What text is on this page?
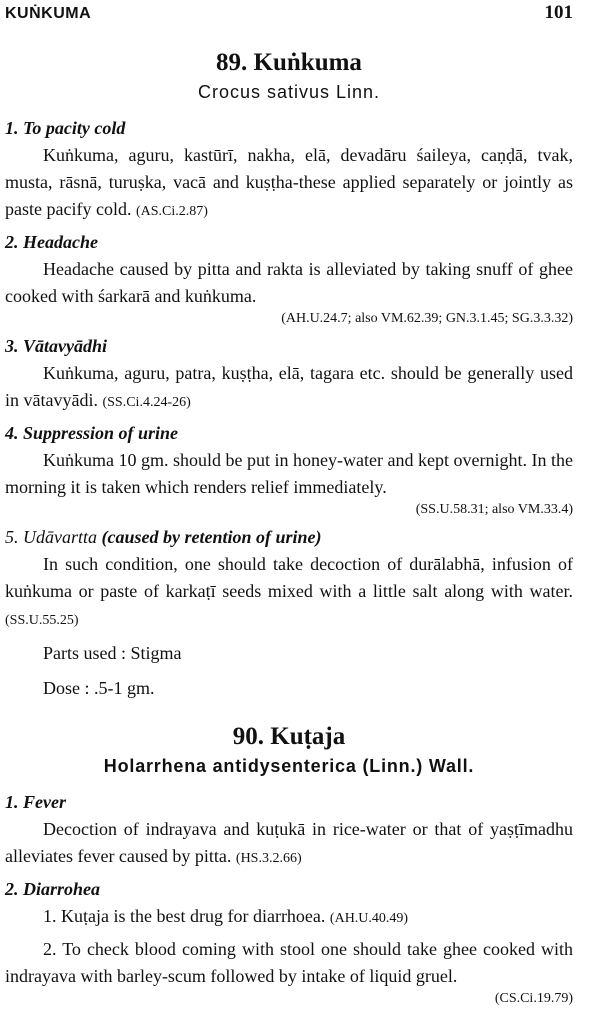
KUṄKUMA	101
89. Kuṅkuma
Crocus sativus Linn.
1. To pacity cold

Kuṅkuma, aguru, kastūrī, nakha, elā, devadāru śaileya, caṇḍā, tvak, musta, rāsnā, turuṣka, vacā and kuṣṭha-these applied separately or jointly as paste pacify cold. (AS.Ci.2.87)

2. Headache

Headache caused by pitta and rakta is alleviated by taking snuff of ghee cooked with śarkarā and kuṅkuma.

(AH.U.24.7; also VM.62.39; GN.3.1.45; SG.3.3.32)
3. Vātavyādhi

Kuṅkuma, aguru, patra, kuṣṭha, elā, tagara etc. should be generally used in vātavyādi. (SS.Ci.4.24-26)

4. Suppression of urine

Kuṅkuma 10 gm. should be put in honey-water and kept overnight. In the morning it is taken which renders relief immediately.

(SS.U.58.31; also VM.33.4)
5. Udāvartta (caused by retention of urine)

In such condition, one should take decoction of durālabhā, infusion of kuṅkuma or paste of karkaṭī seeds mixed with a little salt along with water. (SS.U.55.25)

Parts used : Stigma
Dose : .5-1 gm.
90. Kuṭaja
Holarrhena antidysenterica (Linn.) Wall.
1. Fever

Decoction of indrayava and kuṭukā in rice-water or that of yaṣṭīmadhu alleviates fever caused by pitta. (HS.3.2.66)

2. Diarrohea

1. Kuṭaja is the best drug for diarrhoea. (AH.U.40.49)

2. To check blood coming with stool one should take ghee cooked with indrayava with barley-scum followed by intake of liquid gruel.

(CS.Ci.19.79)
